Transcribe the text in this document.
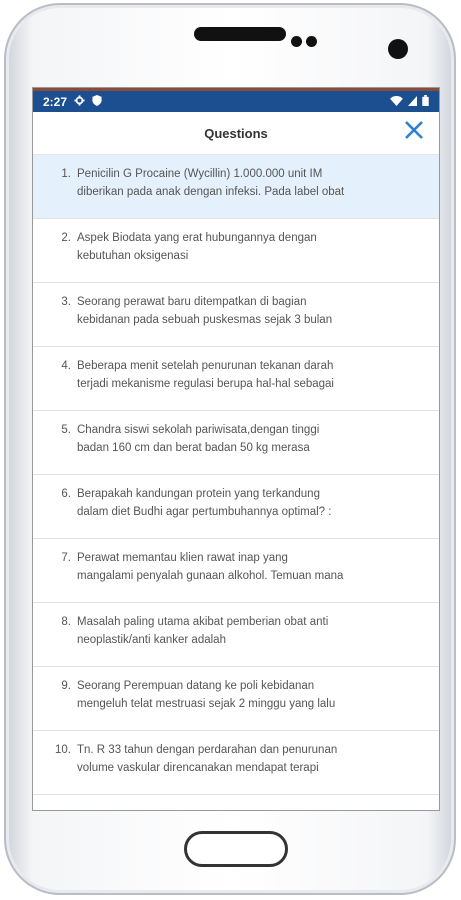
2:27
Questions
1. Penicilin G Procaine (Wycillin) 1.000.000 unit IM
diberikan pada anak dengan infeksi. Pada label obat
2. Aspek Biodata yang erat hubungannya dengan
kebutuhan oksigenasi
3. Seorang perawat baru ditempatkan di bagian
kebidanan pada sebuah puskesmas sejak 3 bulan
4. Beberapa menit setelah penurunan tekanan darah
terjadi mekanisme regulasi berupa hal-hal sebagai
5. Chandra siswi sekolah pariwisata,dengan tinggi
badan 160 cm dan berat badan 50 kg merasa
6. Berapakah kandungan protein yang terkandung
dalam diet Budhi agar pertumbuhannya optimal? :
7. Perawat memantau klien rawat inap yang
mangalami penyalah gunaan alkohol. Temuan mana
8. Masalah paling utama akibat pemberian obat anti
neoplastik/anti kanker adalah
9. Seorang Perempuan datang ke poli kebidanan
mengeluh telat mestruasi sejak 2 minggu yang lalu
10. Tn. R 33 tahun dengan perdarahan dan penurunan
volume vaskular direncanakan mendapat terapi
